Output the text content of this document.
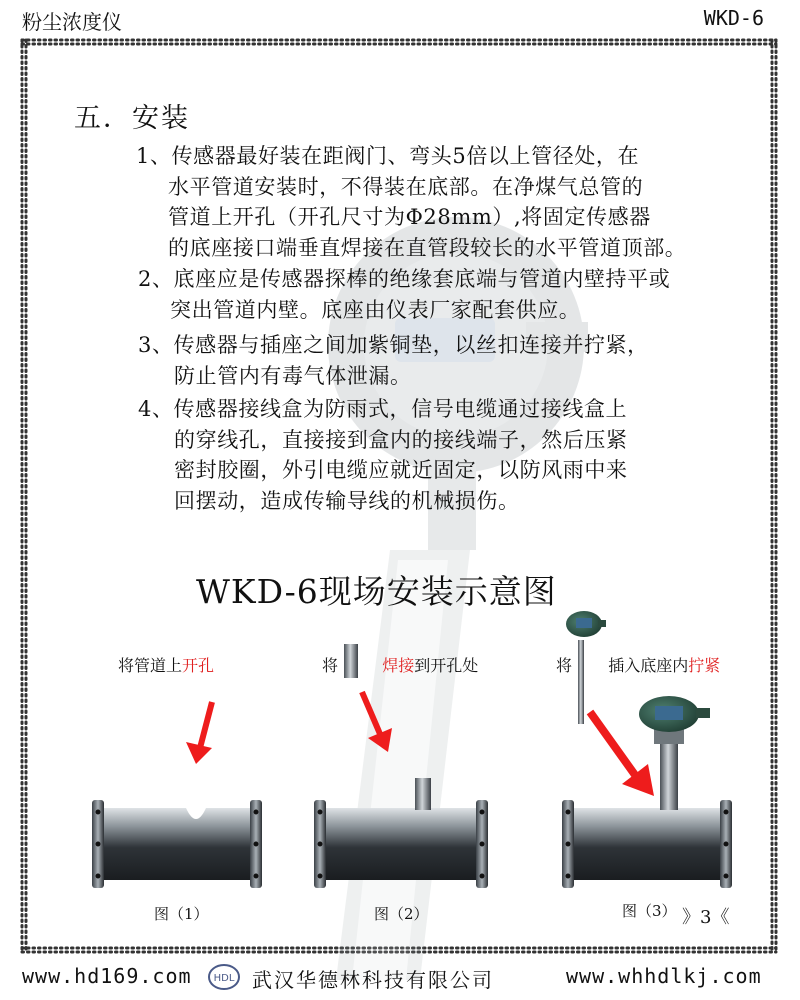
粉尘浓度仪	WKD-6
五．安装
1、传感器最好装在距阀门、弯头5倍以上管径处，在
水平管道安装时，不得装在底部。在净煤气总管的
管道上开孔（开孔尺寸为Φ28mm）,将固定传感器
的底座接口端垂直焊接在直管段较长的水平管道顶部。
2、底座应是传感器探棒的绝缘套底端与管道内壁持平或
突出管道内壁。底座由仪表厂家配套供应。
3、传感器与插座之间加紫铜垫，以丝扣连接并拧紧，
防止管内有毒气体泄漏。
4、传感器接线盒为防雨式，信号电缆通过接线盒上
的穿线孔，直接接到盒内的接线端子，然后压紧
密封胶圈，外引电缆应就近固定，以防风雨中来
回摆动，造成传输导线的机械损伤。
WKD-6现场安装示意图
将管道上开孔	将	焊接到开孔处	将 插入底座内拧紧
图（1）	图（2）	图（3） 》3《
www.hd169.com HDL 武汉华德林科技有限公司	www.whhdlkj.com
